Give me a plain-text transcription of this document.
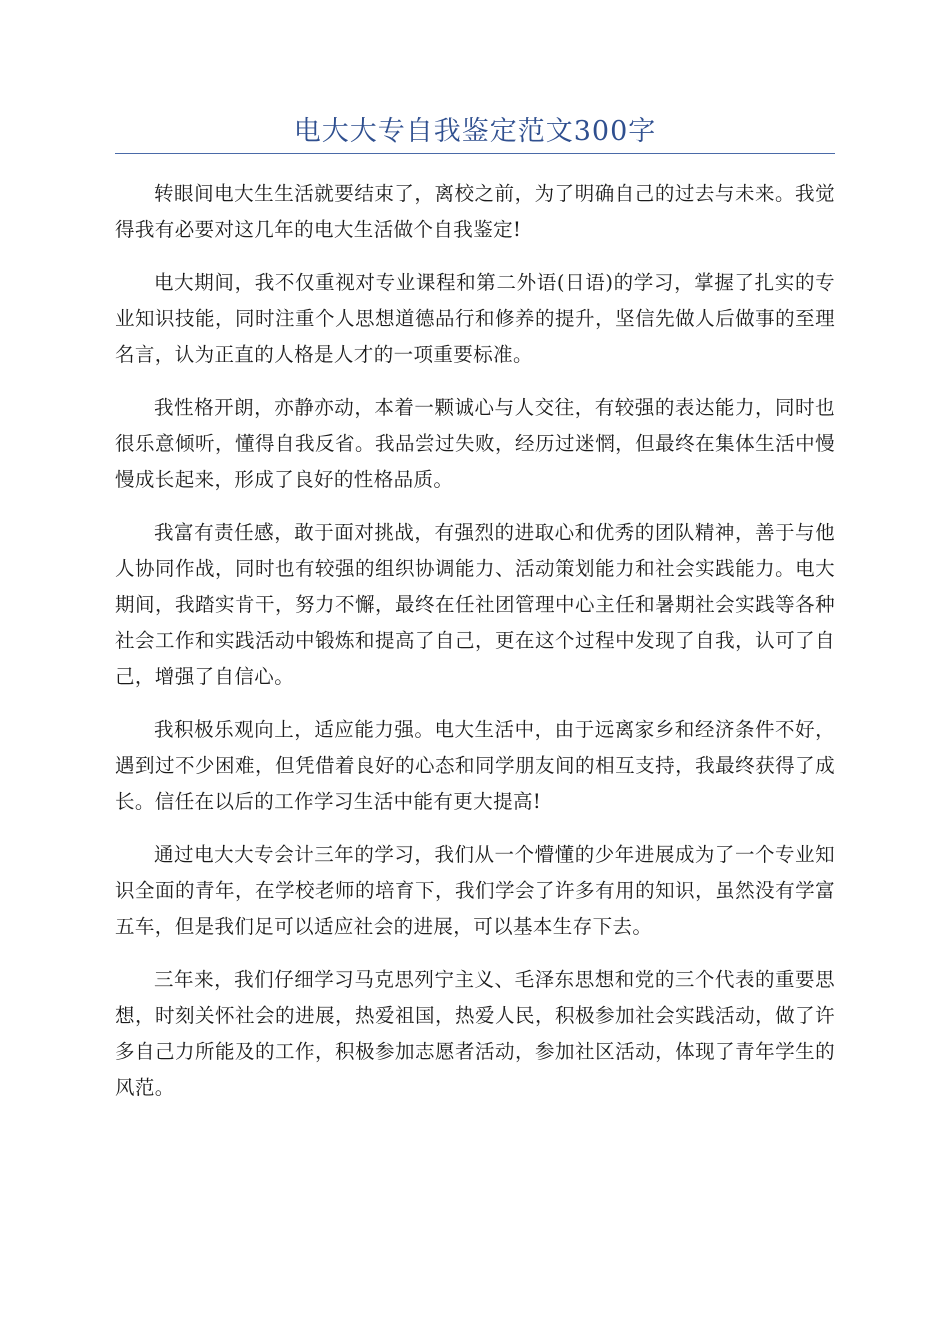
电大大专自我鉴定范文300字

转眼间电大生生活就要结束了，离校之前，为了明确自己的过去与未来。我觉得我有必要对这几年的电大生活做个自我鉴定!

电大期间，我不仅重视对专业课程和第二外语(日语)的学习，掌握了扎实的专业知识技能，同时注重个人思想道德品行和修养的提升，坚信先做人后做事的至理名言，认为正直的人格是人才的一项重要标准。

我性格开朗，亦静亦动，本着一颗诚心与人交往，有较强的表达能力，同时也很乐意倾听，懂得自我反省。我品尝过失败，经历过迷惘，但最终在集体生活中慢慢成长起来，形成了良好的性格品质。

我富有责任感，敢于面对挑战，有强烈的进取心和优秀的团队精神，善于与他人协同作战，同时也有较强的组织协调能力、活动策划能力和社会实践能力。电大期间，我踏实肯干，努力不懈，最终在任社团管理中心主任和暑期社会实践等各种社会工作和实践活动中锻炼和提高了自己，更在这个过程中发现了自我，认可了自己，增强了自信心。

我积极乐观向上，适应能力强。电大生活中，由于远离家乡和经济条件不好，遇到过不少困难，但凭借着良好的心态和同学朋友间的相互支持，我最终获得了成长。信任在以后的工作学习生活中能有更大提高!

通过电大大专会计三年的学习，我们从一个懵懂的少年进展成为了一个专业知识全面的青年，在学校老师的培育下，我们学会了许多有用的知识，虽然没有学富五车，但是我们足可以适应社会的进展，可以基本生存下去。

三年来，我们仔细学习马克思列宁主义、毛泽东思想和党的三个代表的重要思想，时刻关怀社会的进展，热爱祖国，热爱人民，积极参加社会实践活动，做了许多自己力所能及的工作，积极参加志愿者活动，参加社区活动，体现了青年学生的风范。
